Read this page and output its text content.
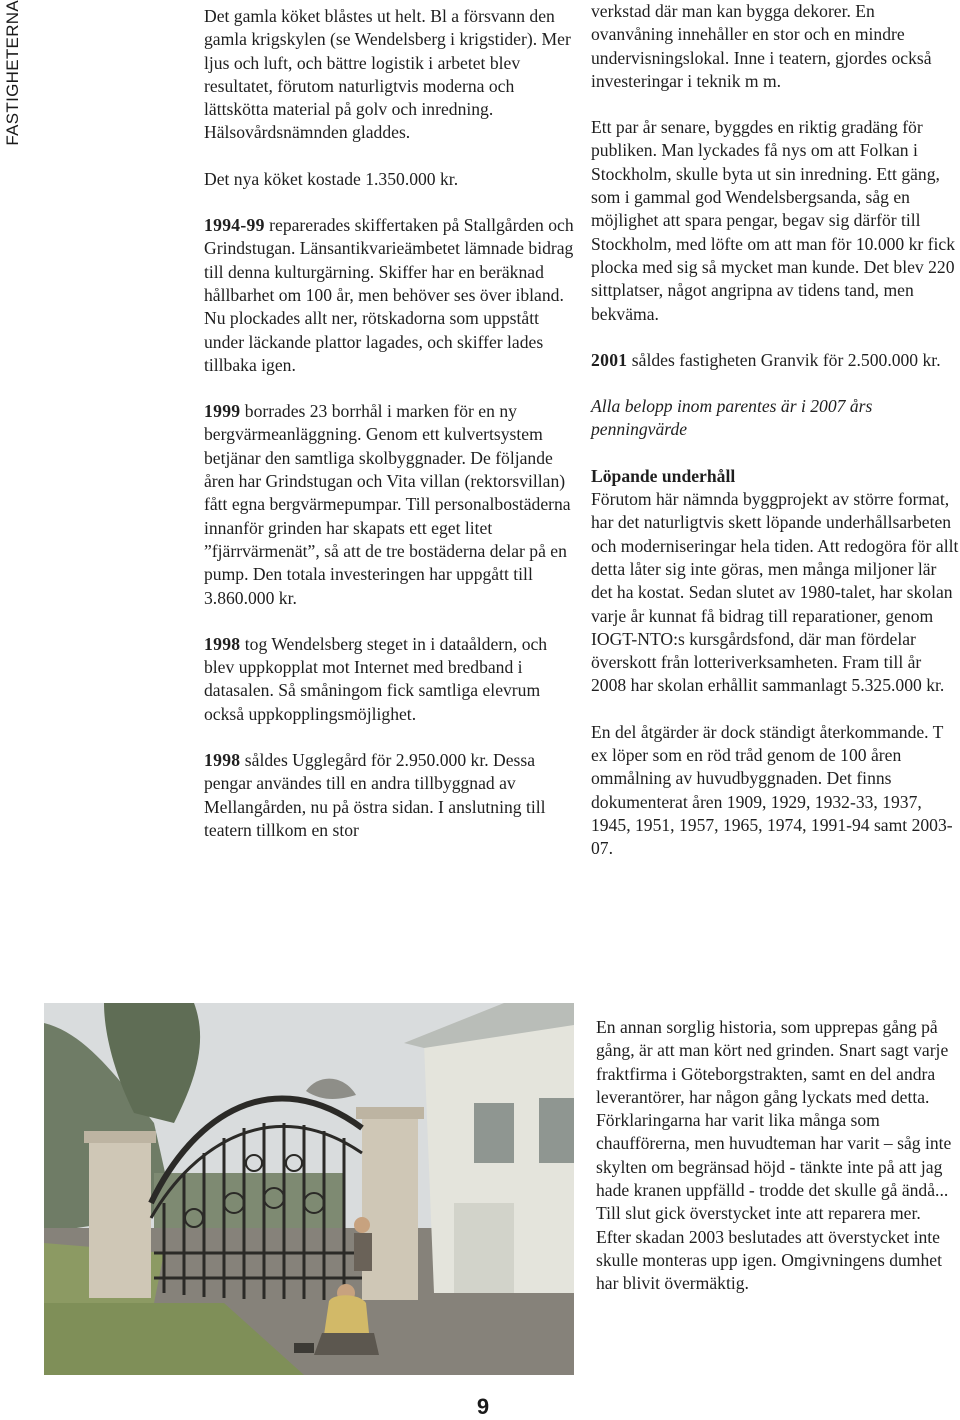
FASTIGHETERNA	Det gamla köket blåstes ut helt. Bl a försvann den gamla krigskylen (se Wendelsberg i krigstider). Mer ljus och luft, och bättre logistik i arbetet blev resultatet, förutom naturligtvis moderna och lättskötta material på golv och inredning. Hälsovårdsnämnden gladdes.

Det nya köket kostade 1.350.000 kr.

1994-99 reparerades skiffertaken på Stallgården och Grindstugan. Länsantikvarieämbetet lämnade bidrag till denna kulturgärning. Skiffer har en beräknad hållbarhet om 100 år, men behöver ses över ibland. Nu plockades allt ner, rötskadorna som uppstått under läckande plattor lagades, och skiffer lades tillbaka igen.

1999 borrades 23 borrhål i marken för en ny bergvärmeanläggning. Genom ett kulvertsystem betjänar den samtliga skolbyggnader. De följande åren har Grindstugan och Vita villan (rektorsvillan) fått egna bergvärmepumpar. Till personalbostäderna innanför grinden har skapats ett eget litet ”fjärrvärmenät”, så att de tre bostäderna delar på en pump. Den totala investeringen har uppgått till 3.860.000 kr.

1998 tog Wendelsberg steget in i dataåldern, och blev uppkopplat mot Internet med bredband i datasalen. Så småningom fick samtliga elevrum också uppkopplingsmöjlighet.

1998 såldes Ugglegård för 2.950.000 kr. Dessa pengar användes till en andra tillbyggnad av Mellangården, nu på östra sidan. I anslutning till teatern tillkom en stor

verkstad där man kan bygga dekorer. En ovanvåning innehåller en stor och en mindre undervisningslokal. Inne i teatern, gjordes också investeringar i teknik m m.

Ett par år senare, byggdes en riktig gradäng för publiken. Man lyckades få nys om att Folkan i Stockholm, skulle byta ut sin inredning. Ett gäng, som i gammal god Wendelsbergsanda, såg en möjlighet att spara pengar, begav sig därför till Stockholm, med löfte om att man för 10.000 kr fick plocka med sig så mycket man kunde. Det blev 220 sittplatser, något angripna av tidens tand, men bekväma.

2001 såldes fastigheten Granvik för 2.500.000 kr.

Alla belopp inom parentes är i 2007 års penningvärde

Löpande underhåll

Förutom här nämnda byggprojekt av större format, har det naturligtvis skett löpande underhållsarbeten och moderniseringar hela tiden. Att redogöra för allt detta låter sig inte göras, men många miljoner lär det ha kostat. Sedan slutet av 1980-talet, har skolan varje år kunnat få bidrag till reparationer, genom IOGT-NTO:s kursgårdsfond, där man fördelar överskott från lotteriverksamheten. Fram till år 2008 har skolan erhållit sammanlagt 5.325.000 kr.

En del åtgärder är dock ständigt återkommande. T ex löper som en röd tråd genom de 100 åren ommålning av huvudbyggnaden. Det finns dokumenterat åren 1909, 1929, 1932-33, 1937, 1945, 1951, 1957, 1965, 1974, 1991-94 samt 2003-07.

En annan sorglig historia, som upprepas gång på gång, är att man kört ned grinden. Snart sagt varje fraktfirma i Göteborgstrakten, samt en del andra leverantörer, har någon gång lyckats med detta. Förklaringarna har varit lika många som chaufförerna, men huvudteman har varit – såg inte skylten om begränsad höjd - tänkte inte på att jag hade kranen uppfälld - trodde det skulle gå ändå... Till slut gick överstycket inte att reparera mer. Efter skadan 2003 beslutades att överstycket inte skulle monteras upp igen. Omgivningens dumhet har blivit övermäktig.

9
